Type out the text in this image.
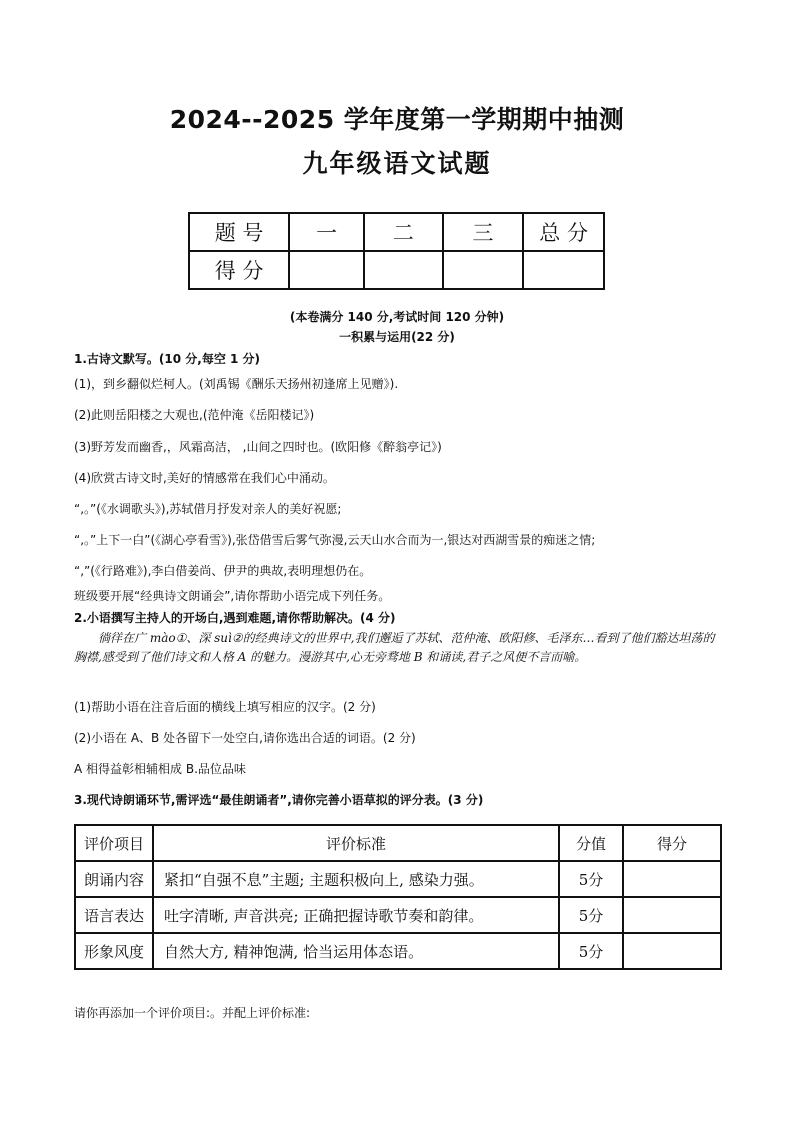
2024--2025 学年度第一学期期中抽测
九年级语文试题
题 号	一	二	三	总 分
得 分				
(本卷满分 140 分,考试时间 120 分钟)
一积累与运用(22 分)
1.古诗文默写。(10 分,每空 1 分)
(1)，到乡翻似烂柯人。(刘禹锡《酬乐天扬州初逢席上见赠》).
(2)此则岳阳楼之大观也,(范仲淹《岳阳楼记》)
(3)野芳发而幽香,，风霜高洁， ,山间之四时也。(欧阳修《醉翁亭记》)
(4)欣赏古诗文时,美好的情感常在我们心中涌动。
“,。”(《水调歌头》),苏轼借月抒发对亲人的美好祝愿;
“,。”上下一白”(《湖心亭看雪》),张岱借雪后雾气弥漫,云天山水合而为一,银达对西湖雪景的痴迷之情;
“,”(《行路难》),李白借姜尚、伊尹的典故,表明理想仍在。
班级要开展“经典诗文朗诵会”,请你帮助小语完成下列任务。
2.小语撰写主持人的开场白,遇到难题,请你帮助解决。(4 分)
徜徉在广 mào①、深 suì②的经典诗文的世界中,我们邂逅了苏轼、范仲淹、欧阳修、毛泽东…看到了他们豁达坦荡的胸襟,感受到了他们诗文和人格 A 的魅力。漫游其中,心无旁骛地 B 和诵读,君子之风便不言而喻。
(1)帮助小语在注音后面的横线上填写相应的汉字。(2 分)
(2)小语在 A、B 处各留下一处空白,请你选出合适的词语。(2 分)
A 相得益彰相辅相成 B.品位品味
3.现代诗朗诵环节,需评选“最佳朗诵者”,请你完善小语草拟的评分表。(3 分)
评价项目	评价标准	分值	得分
朗诵内容	紧扣“自强不息”主题; 主题积极向上, 感染力强。	5分	
语言表达	吐字清晰, 声音洪亮; 正确把握诗歌节奏和韵律。	5分	
形象风度	自然大方, 精神饱满, 恰当运用体态语。	5分	
请你再添加一个评价项目:。并配上评价标准:
